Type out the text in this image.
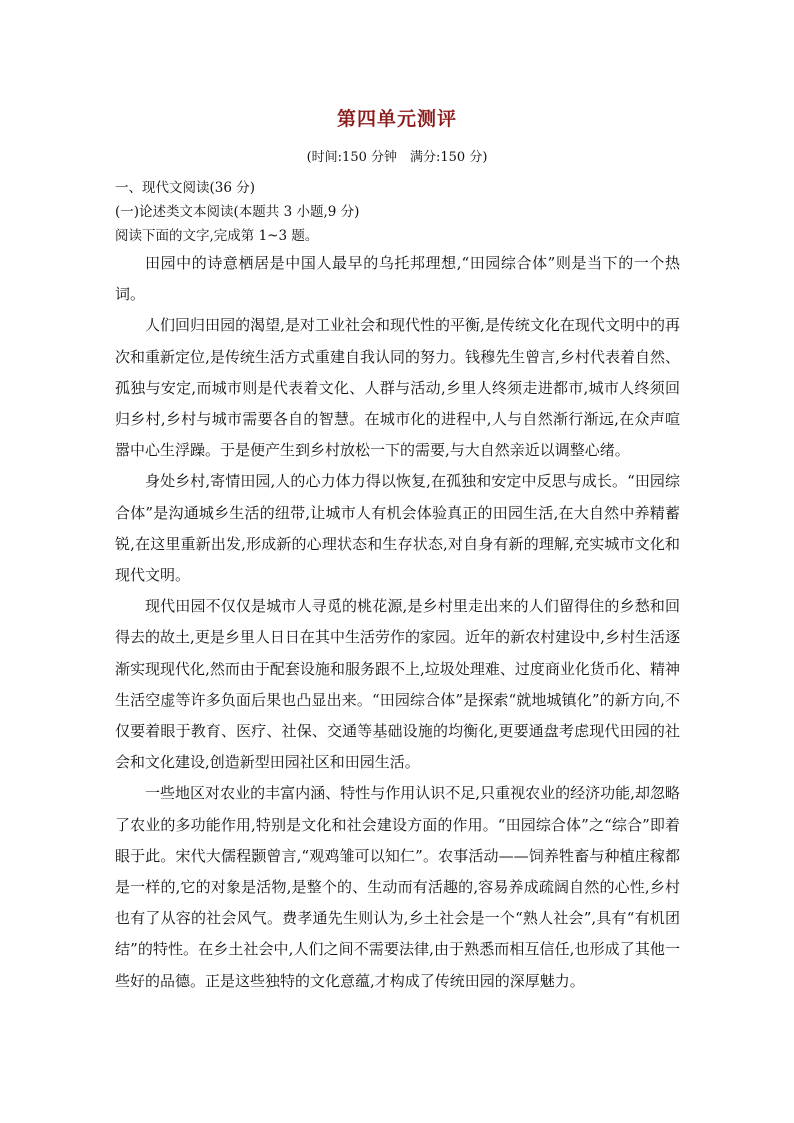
第四单元测评
(时间:150 分钟　满分:150 分)

一、现代文阅读(36 分)

(一)论述类文本阅读(本题共 3 小题,9 分)

阅读下面的文字,完成第 1~3 题。

田园中的诗意栖居是中国人最早的乌托邦理想,“田园综合体”则是当下的一个热词。

人们回归田园的渴望,是对工业社会和现代性的平衡,是传统文化在现代文明中的再次和重新定位,是传统生活方式重建自我认同的努力。钱穆先生曾言,乡村代表着自然、孤独与安定,而城市则是代表着文化、人群与活动,乡里人终须走进都市,城市人终须回归乡村,乡村与城市需要各自的智慧。在城市化的进程中,人与自然渐行渐远,在众声喧嚣中心生浮躁。于是便产生到乡村放松一下的需要,与大自然亲近以调整心绪。

身处乡村,寄情田园,人的心力体力得以恢复,在孤独和安定中反思与成长。“田园综合体”是沟通城乡生活的纽带,让城市人有机会体验真正的田园生活,在大自然中养精蓄锐,在这里重新出发,形成新的心理状态和生存状态,对自身有新的理解,充实城市文化和现代文明。

现代田园不仅仅是城市人寻觅的桃花源,是乡村里走出来的人们留得住的乡愁和回得去的故土,更是乡里人日日在其中生活劳作的家园。近年的新农村建设中,乡村生活逐渐实现现代化,然而由于配套设施和服务跟不上,垃圾处理难、过度商业化货币化、精神生活空虚等许多负面后果也凸显出来。“田园综合体”是探索“就地城镇化”的新方向,不仅要着眼于教育、医疗、社保、交通等基础设施的均衡化,更要通盘考虑现代田园的社会和文化建设,创造新型田园社区和田园生活。

一些地区对农业的丰富内涵、特性与作用认识不足,只重视农业的经济功能,却忽略了农业的多功能作用,特别是文化和社会建设方面的作用。“田园综合体”之“综合”即着眼于此。宋代大儒程颢曾言,“观鸡雏可以知仁”。农事活动——饲养牲畜与种植庄稼都是一样的,它的对象是活物,是整个的、生动而有活趣的,容易养成疏阔自然的心性,乡村也有了从容的社会风气。费孝通先生则认为,乡土社会是一个“熟人社会”,具有“有机团结”的特性。在乡土社会中,人们之间不需要法律,由于熟悉而相互信任,也形成了其他一些好的品德。正是这些独特的文化意蕴,才构成了传统田园的深厚魅力。
